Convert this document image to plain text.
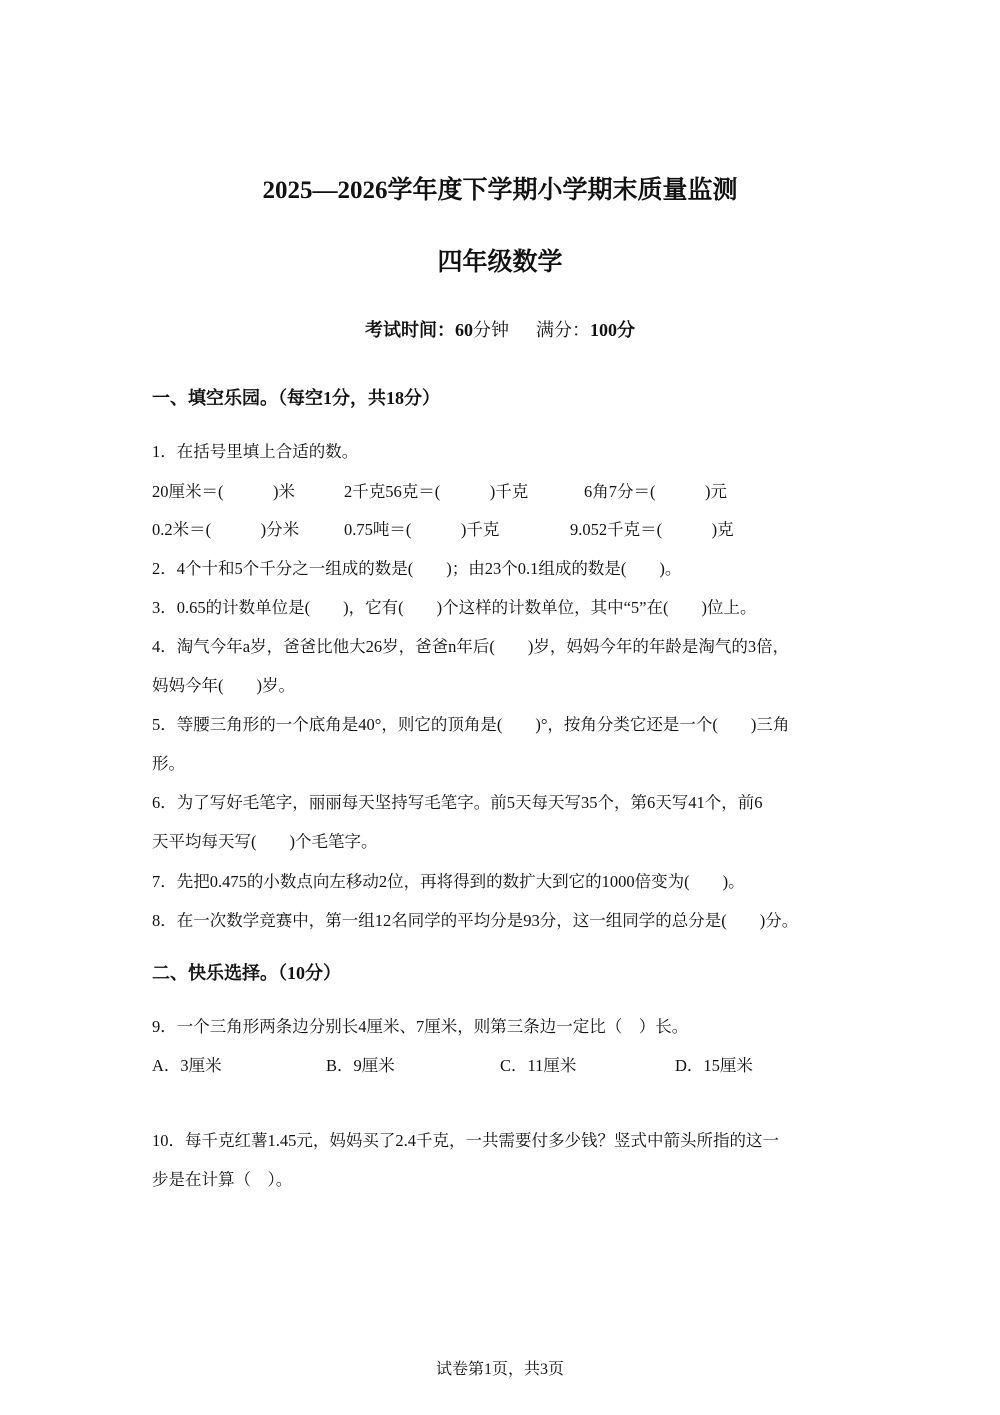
2025—2026学年度下学期小学期末质量监测
四年级数学
考试时间：60分钟 满分：100分
一、填空乐园。（每空1分，共18分）
1．在括号里填上合适的数。
20厘米＝(　　　)米	2千克56克＝(　　　)千克	6角7分＝(　　　)元
0.2米＝(　　　)分米	0.75吨＝(　　　)千克	9.052千克＝(　　　)克
2．4个十和5个千分之一组成的数是(　　)；由23个0.1组成的数是(　　)。
3．0.65的计数单位是(　　)，它有(　　)个这样的计数单位，其中“5”在(　　)位上。
4．淘气今年a岁，爸爸比他大26岁，爸爸n年后(　　)岁，妈妈今年的年龄是淘气的3倍，
妈妈今年(　　)岁。
5．等腰三角形的一个底角是40°，则它的顶角是(　　)°，按角分类它还是一个(　　)三角
形。
6．为了写好毛笔字，丽丽每天坚持写毛笔字。前5天每天写35个，第6天写41个，前6
天平均每天写(　　)个毛笔字。
7．先把0.475的小数点向左移动2位，再将得到的数扩大到它的1000倍变为(　　)。
8．在一次数学竞赛中，第一组12名同学的平均分是93分，这一组同学的总分是(　　)分。
二、快乐选择。（10分）
9．一个三角形两条边分别长4厘米、7厘米，则第三条边一定比（　）长。
A．3厘米	B．9厘米	C．11厘米	D．15厘米
10．每千克红薯1.45元，妈妈买了2.4千克，一共需要付多少钱？竖式中箭头所指的这一
步是在计算（　）。
试卷第1页，共3页
